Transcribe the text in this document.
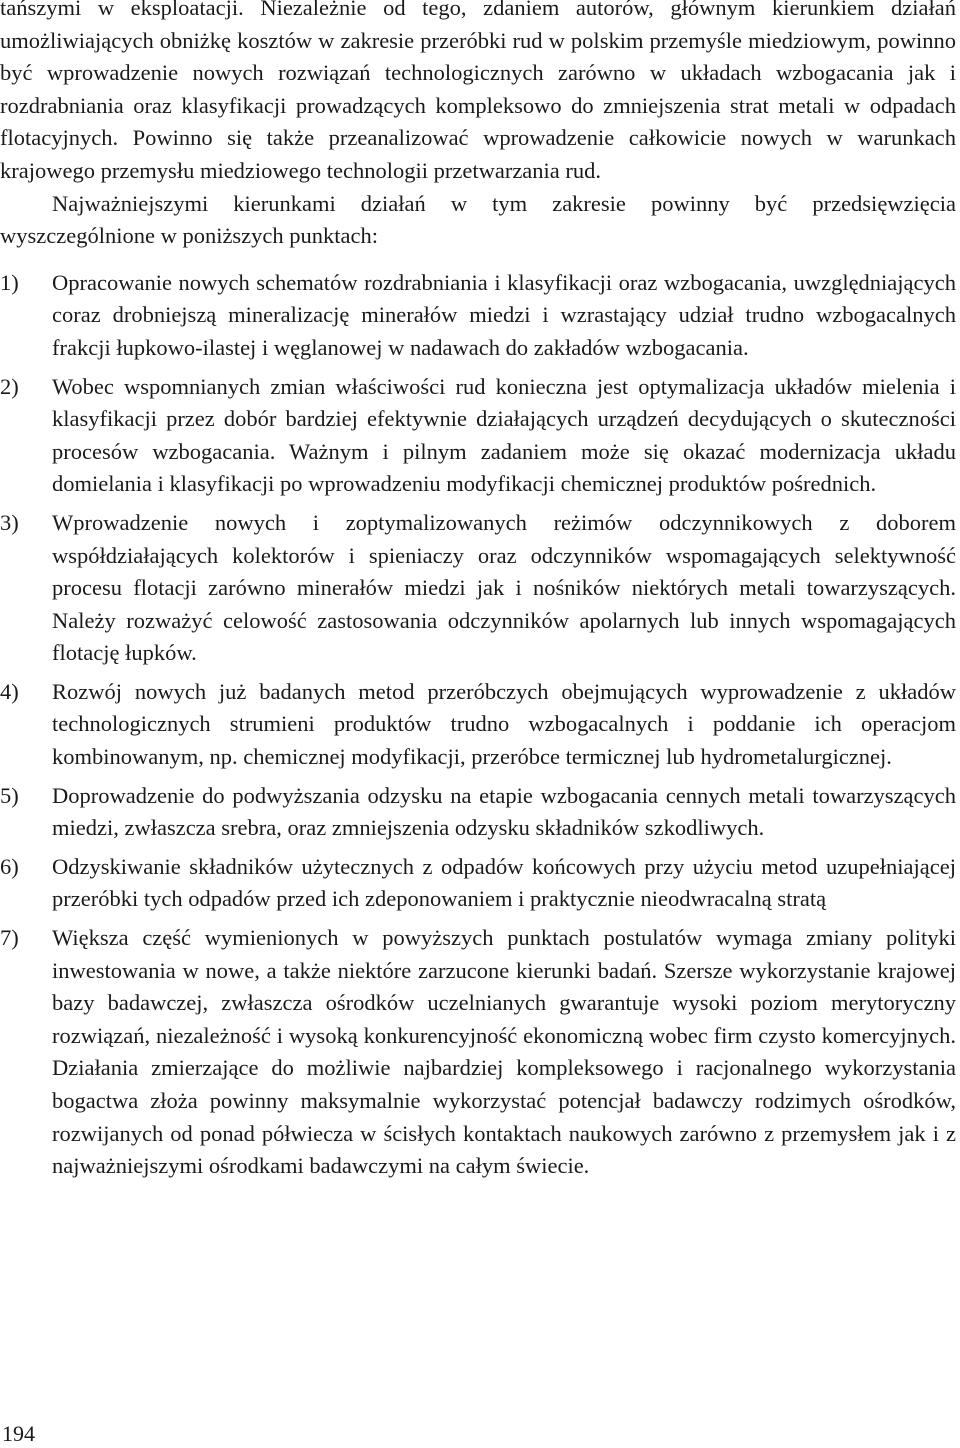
tańszymi w eksploatacji. Niezależnie od tego, zdaniem autorów, głównym kierunkiem działań umożliwiających obniżkę kosztów w zakresie przeróbki rud w polskim przemyśle miedziowym, powinno być wprowadzenie nowych rozwiązań technologicznych zarówno w układach wzbogacania jak i rozdrabniania oraz klasyfikacji prowadzących kompleksowo do zmniejszenia strat metali w odpadach flotacyjnych. Powinno się także przeanalizować wprowadzenie całkowicie nowych w warunkach krajowego przemysłu miedziowego technologii przetwarzania rud.

Najważniejszymi kierunkami działań w tym zakresie powinny być przedsięwzięcia wyszczególnione w poniższych punktach:

1)	Opracowanie nowych schematów rozdrabniania i klasyfikacji oraz wzbogacania, uwzględniających coraz drobniejszą mineralizację minerałów miedzi i wzrastający udział trudno wzbogacalnych frakcji łupkowo-ilastej i węglanowej w nadawach do zakładów wzbogacania.
2)	Wobec wspomnianych zmian właściwości rud konieczna jest optymalizacja układów mielenia i klasyfikacji przez dobór bardziej efektywnie działających urządzeń decydujących o skuteczności procesów wzbogacania. Ważnym i pilnym zadaniem może się okazać modernizacja układu domielania i klasyfikacji po wprowadzeniu modyfikacji chemicznej produktów pośrednich.
3)	Wprowadzenie nowych i zoptymalizowanych reżimów odczynnikowych z doborem współdziałających kolektorów i spieniaczy oraz odczynników wspomagających selektywność procesu flotacji zarówno minerałów miedzi jak i nośników niektórych metali towarzyszących. Należy rozważyć celowość zastosowania odczynników apolarnych lub innych wspomagających flotację łupków.
4)	Rozwój nowych już badanych metod przeróbczych obejmujących wyprowadzenie z układów technologicznych strumieni produktów trudno wzbogacalnych i poddanie ich operacjom kombinowanym, np. chemicznej modyfikacji, przeróbce termicznej lub hydrometalurgicznej.
5)	Doprowadzenie do podwyższania odzysku na etapie wzbogacania cennych metali towarzyszących miedzi, zwłaszcza srebra, oraz zmniejszenia odzysku składników szkodliwych.
6)	Odzyskiwanie składników użytecznych z odpadów końcowych przy użyciu metod uzupełniającej przeróbki tych odpadów przed ich zdeponowaniem i praktycznie nieodwracalną stratą
7)	Większa część wymienionych w powyższych punktach postulatów wymaga zmiany polityki inwestowania w nowe, a także niektóre zarzucone kierunki badań. Szersze wykorzystanie krajowej bazy badawczej, zwłaszcza ośrodków uczelnianych gwarantuje wysoki poziom merytoryczny rozwiązań, niezależność i wysoką konkurencyjność ekonomiczną wobec firm czysto komercyjnych. Działania zmierzające do możliwie najbardziej kompleksowego i racjonalnego wykorzystania bogactwa złoża powinny maksymalnie wykorzystać potencjał badawczy rodzimych ośrodków, rozwijanych od ponad półwiecza w ścisłych kontaktach naukowych zarówno z przemysłem jak i z najważniejszymi ośrodkami badawczymi na całym świecie.
194
